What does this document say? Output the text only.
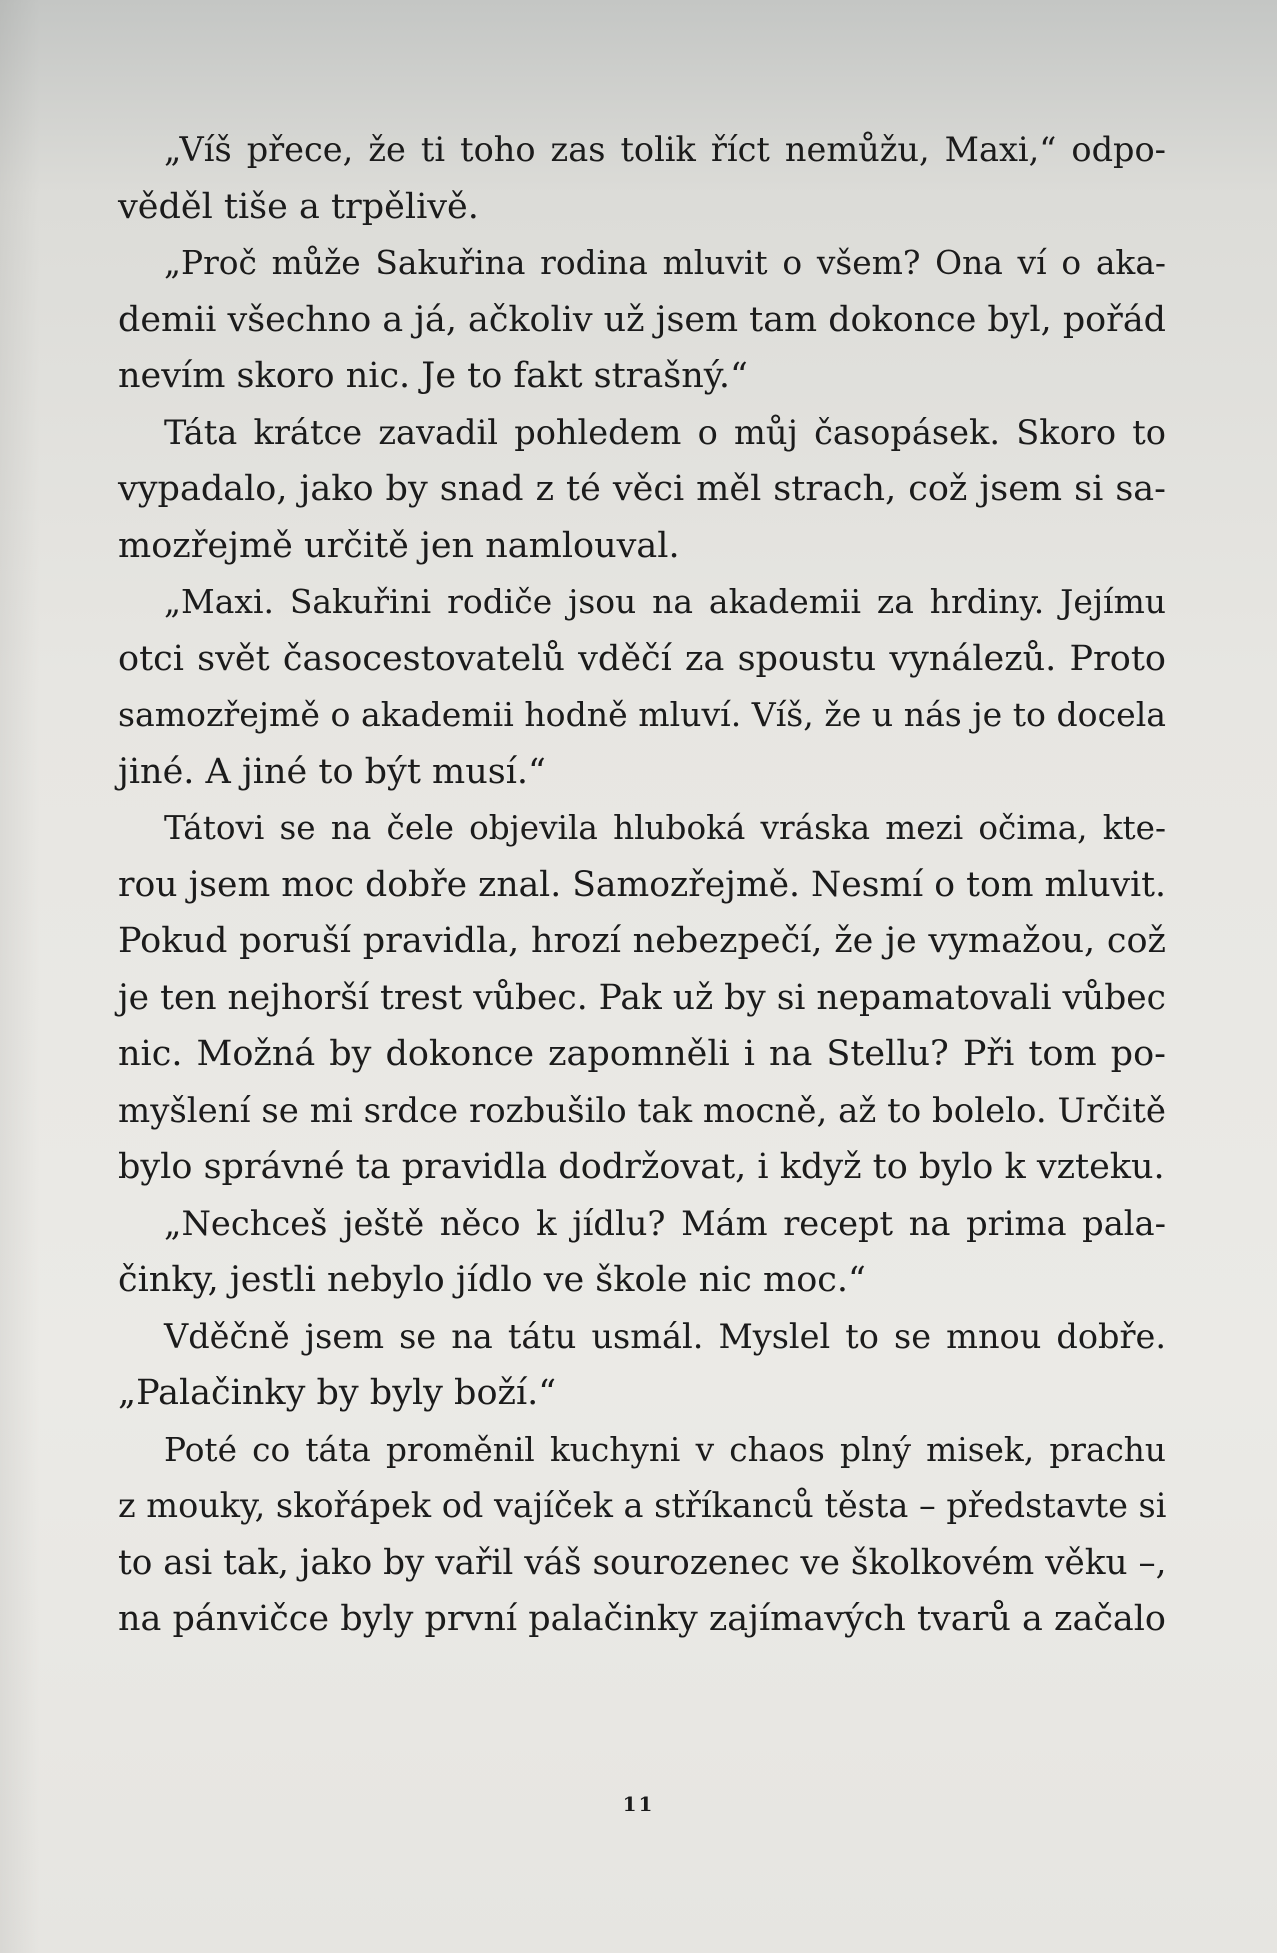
„Víš přece, že ti toho zas tolik říct nemůžu, Maxi,“ odpo-
věděl tiše a trpělivě.
„Proč může Sakuřina rodina mluvit o všem? Ona ví o aka-
demii všechno a já, ačkoliv už jsem tam dokonce byl, pořád
nevím skoro nic. Je to fakt strašný.“
Táta krátce zavadil pohledem o můj časopásek. Skoro to
vypadalo, jako by snad z té věci měl strach, což jsem si sa-
mozřejmě určitě jen namlouval.
„Maxi. Sakuřini rodiče jsou na akademii za hrdiny. Jejímu
otci svět časocestovatelů vděčí za spoustu vynálezů. Proto
samozřejmě o akademii hodně mluví. Víš, že u nás je to docela
jiné. A jiné to být musí.“
Tátovi se na čele objevila hluboká vráska mezi očima, kte-
rou jsem moc dobře znal. Samozřejmě. Nesmí o tom mluvit.
Pokud poruší pravidla, hrozí nebezpečí, že je vymažou, což
je ten nejhorší trest vůbec. Pak už by si nepamatovali vůbec
nic. Možná by dokonce zapomněli i na Stellu? Při tom po-
myšlení se mi srdce rozbušilo tak mocně, až to bolelo. Určitě
bylo správné ta pravidla dodržovat, i když to bylo k vzteku.
„Nechceš ještě něco k jídlu? Mám recept na prima pala-
činky, jestli nebylo jídlo ve škole nic moc.“
Vděčně jsem se na tátu usmál. Myslel to se mnou dobře.
„Palačinky by byly boží.“
Poté co táta proměnil kuchyni v chaos plný misek, prachu
z mouky, skořápek od vajíček a stříkanců těsta – představte si
to asi tak, jako by vařil váš sourozenec ve školkovém věku –,
na pánvičce byly první palačinky zajímavých tvarů a začalo
11
